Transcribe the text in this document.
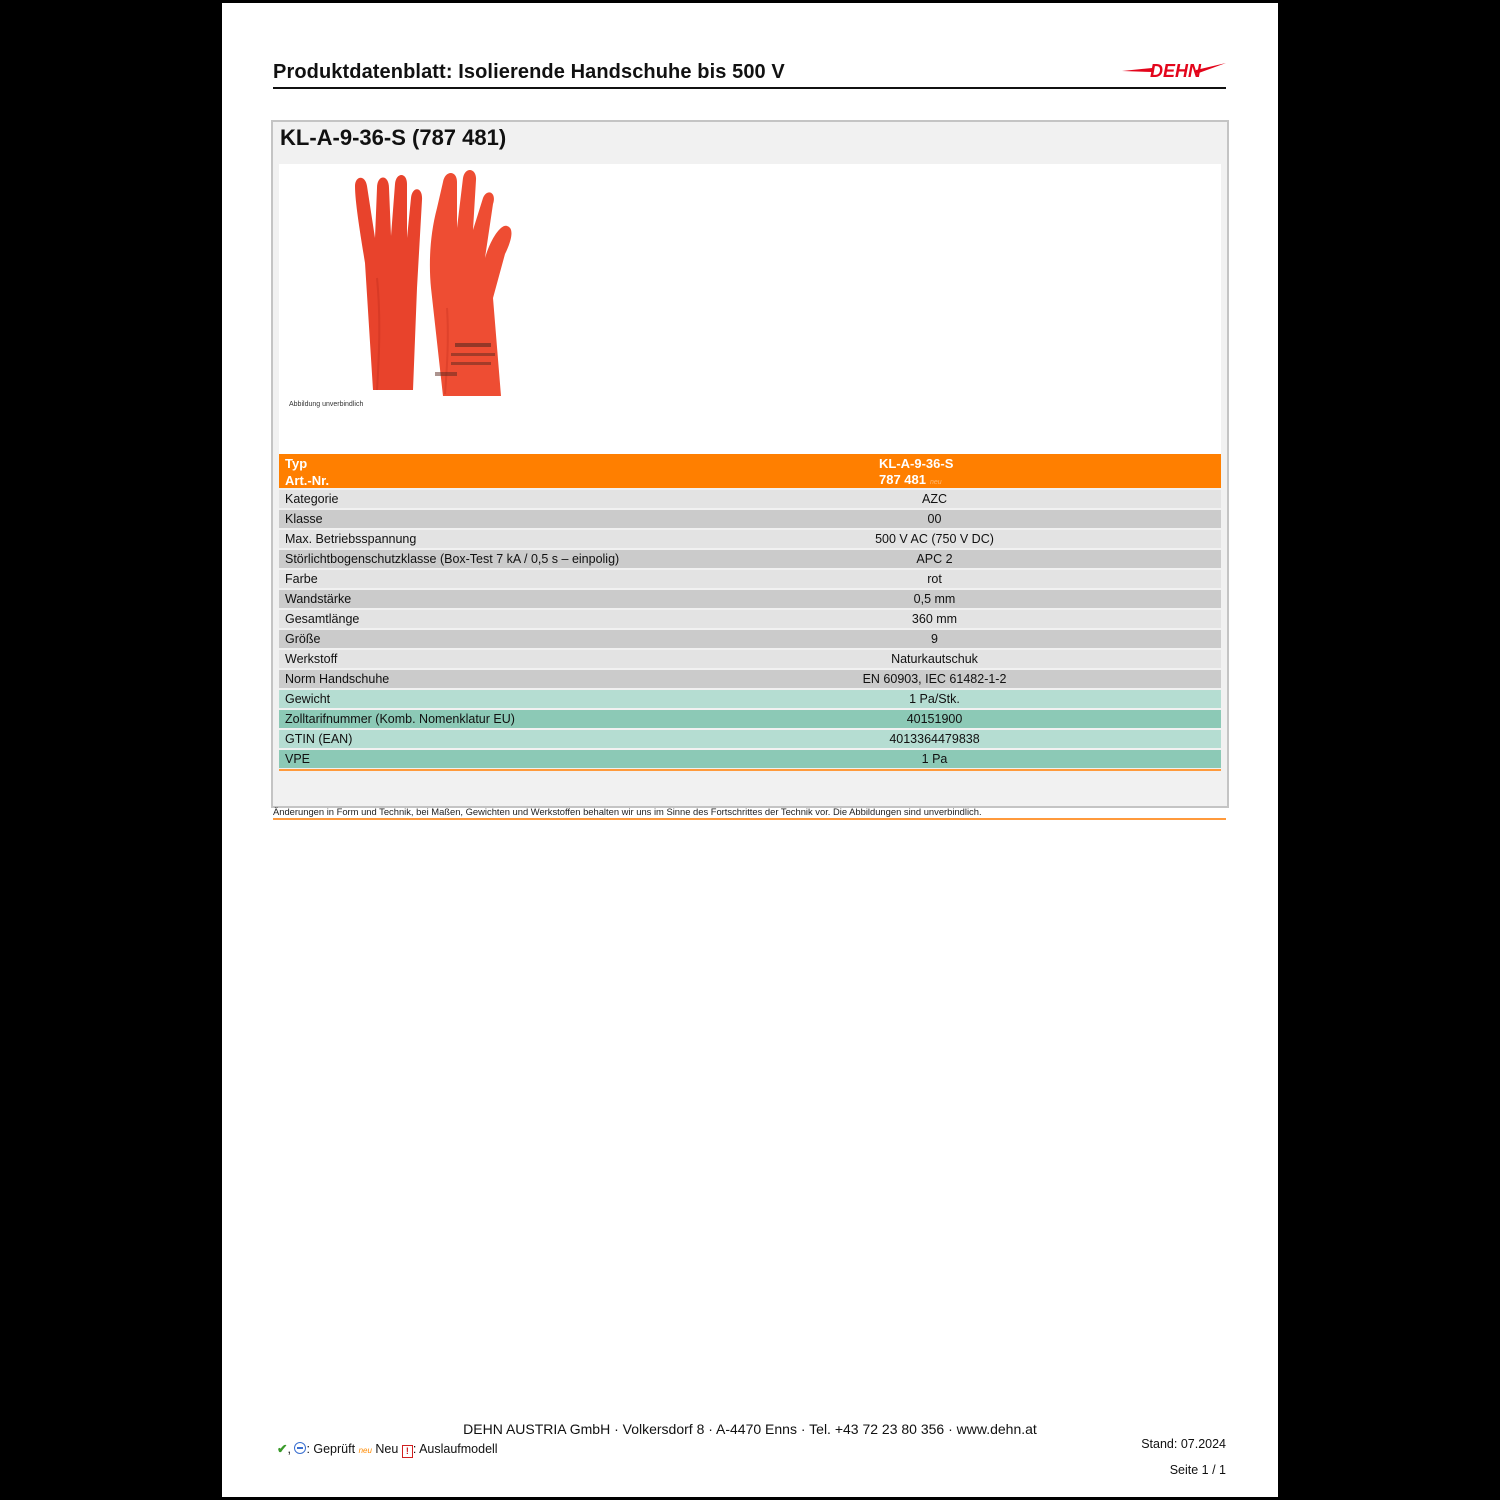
Produktdatenblatt: Isolierende Handschuhe bis 500 V	DEHN
KL-A-9-36-S (787 481)
Abbildung unverbindlich
Typ	KL-A-9-36-S
Art.-Nr.	787 481 neu
Kategorie	AZC
Klasse	00
Max. Betriebsspannung	500 V AC (750 V DC)
Störlichtbogenschutzklasse (Box-Test 7 kA / 0,5 s – einpolig)	APC 2
Farbe	rot
Wandstärke	0,5 mm
Gesamtlänge	360 mm
Größe	9
Werkstoff	Naturkautschuk
Norm Handschuhe	EN 60903, IEC 61482-1-2
Gewicht	1 Pa/Stk.
Zolltarifnummer (Komb. Nomenklatur EU)	40151900
GTIN (EAN)	4013364479838
VPE	1 Pa
Änderungen in Form und Technik, bei Maßen, Gewichten und Werkstoffen behalten wir uns im Sinne des Fortschrittes der Technik vor. Die Abbildungen sind unverbindlich.
DEHN AUSTRIA GmbH · Volkersdorf 8 · A-4470 Enns · Tel. +43 72 23 80 356 · www.dehn.at
✔, : Geprüft neu Neu ! : Auslaufmodell	Stand: 07.2024
Seite 1 / 1
